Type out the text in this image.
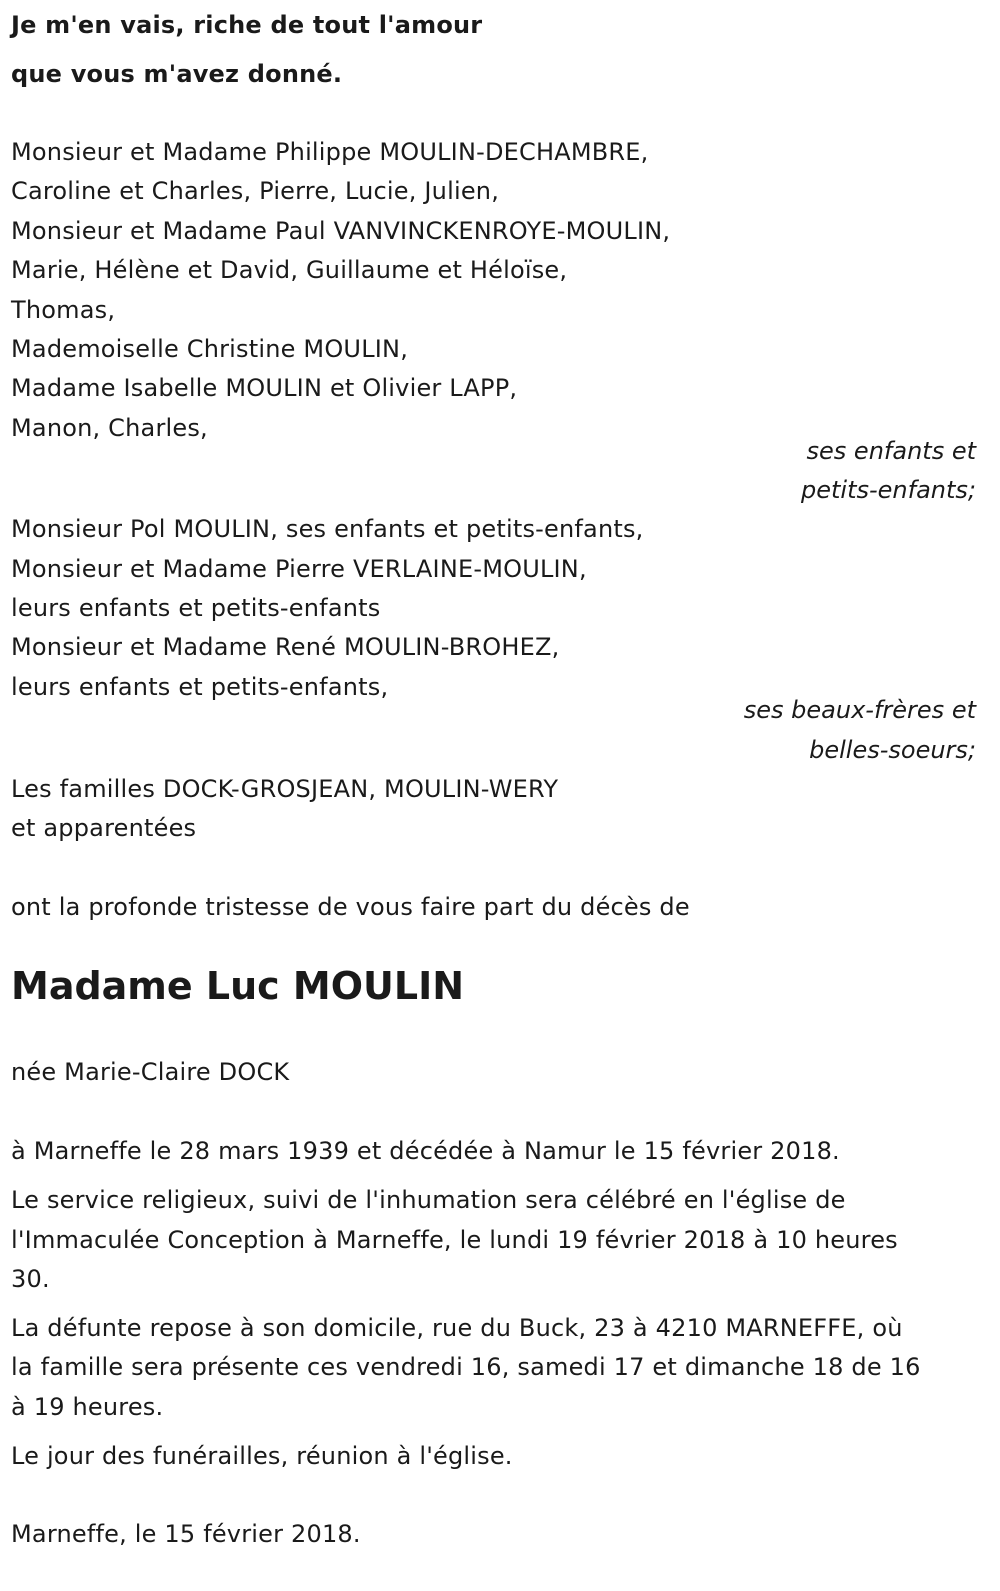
Je m'en vais, riche de tout l'amour
que vous m'avez donné.
Monsieur et Madame Philippe MOULIN-DECHAMBRE,
Caroline et Charles, Pierre, Lucie, Julien,
Monsieur et Madame Paul VANVINCKENROYE-MOULIN,
Marie, Hélène et David, Guillaume et Héloïse,
Thomas,
Mademoiselle Christine MOULIN,
Madame Isabelle MOULIN et Olivier LAPP,
Manon, Charles,
ses enfants et
petits-enfants;
Monsieur Pol MOULIN, ses enfants et petits-enfants,
Monsieur et Madame Pierre VERLAINE-MOULIN,
leurs enfants et petits-enfants
Monsieur et Madame René MOULIN-BROHEZ,
leurs enfants et petits-enfants,
ses beaux-frères et
belles-soeurs;
Les familles DOCK-GROSJEAN, MOULIN-WERY
et apparentées
ont la profonde tristesse de vous faire part du décès de
Madame Luc MOULIN
née Marie-Claire DOCK
à Marneffe le 28 mars 1939 et décédée à Namur le 15 février 2018.
Le service religieux, suivi de l'inhumation sera célébré en l'église de
l'Immaculée Conception à Marneffe, le lundi 19 février 2018 à 10 heures
30.
La défunte repose à son domicile, rue du Buck, 23 à 4210 MARNEFFE, où
la famille sera présente ces vendredi 16, samedi 17 et dimanche 18 de 16
à 19 heures.
Le jour des funérailles, réunion à l'église.
Marneffe, le 15 février 2018.
